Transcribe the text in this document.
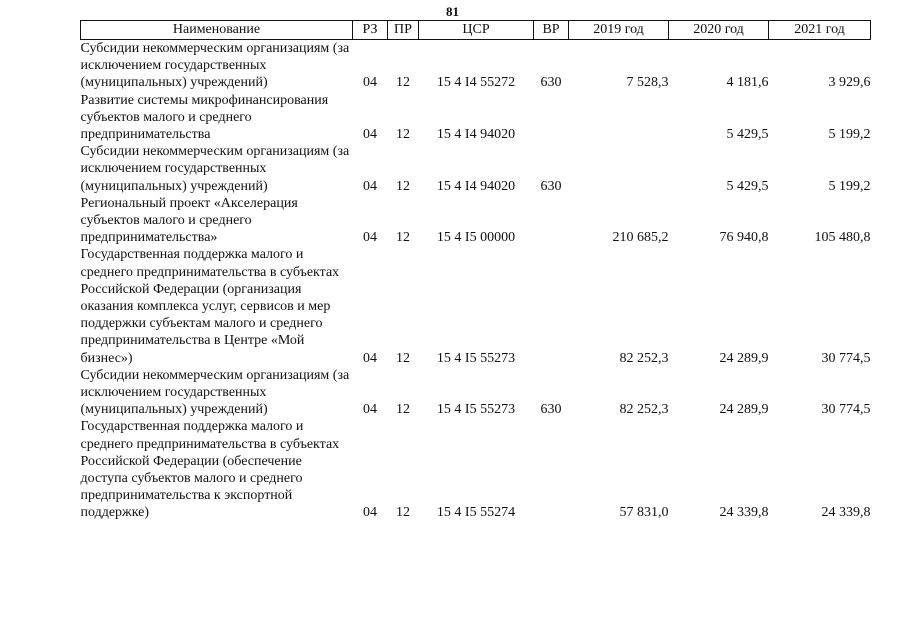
81
Наименование	РЗ	ПР	ЦСР	ВР	2019 год	2020 год	2021 год

Субсидии некоммерческим организациям (за исключением государственных (муниципальных) учреждений)	04	12	15 4 I4 55272	630	7 528,3	4 181,6	3 929,6

Развитие системы микрофинансирования субъектов малого и среднего предпринимательства	04	12	15 4 I4 94020			5 429,5	5 199,2

Субсидии некоммерческим организациям (за исключением государственных (муниципальных) учреждений)	04	12	15 4 I4 94020	630		5 429,5	5 199,2

Региональный проект «Акселерация субъектов малого и среднего предпринимательства»	04	12	15 4 I5 00000		210 685,2	76 940,8	105 480,8

Государственная поддержка малого и среднего предпринимательства в субъектах Российской Федерации (организация оказания комплекса услуг, сервисов и мер поддержки субъектам малого и среднего предпринимательства в Центре «Мой бизнес»)	04	12	15 4 I5 55273		82 252,3	24 289,9	30 774,5

Субсидии некоммерческим организациям (за исключением государственных (муниципальных) учреждений)	04	12	15 4 I5 55273	630	82 252,3	24 289,9	30 774,5

Государственная поддержка малого и среднего предпринимательства в субъектах Российской Федерации (обеспечение доступа субъектов малого и среднего предпринимательства к экспортной поддержке)	04	12	15 4 I5 55274		57 831,0	24 339,8	24 339,8
